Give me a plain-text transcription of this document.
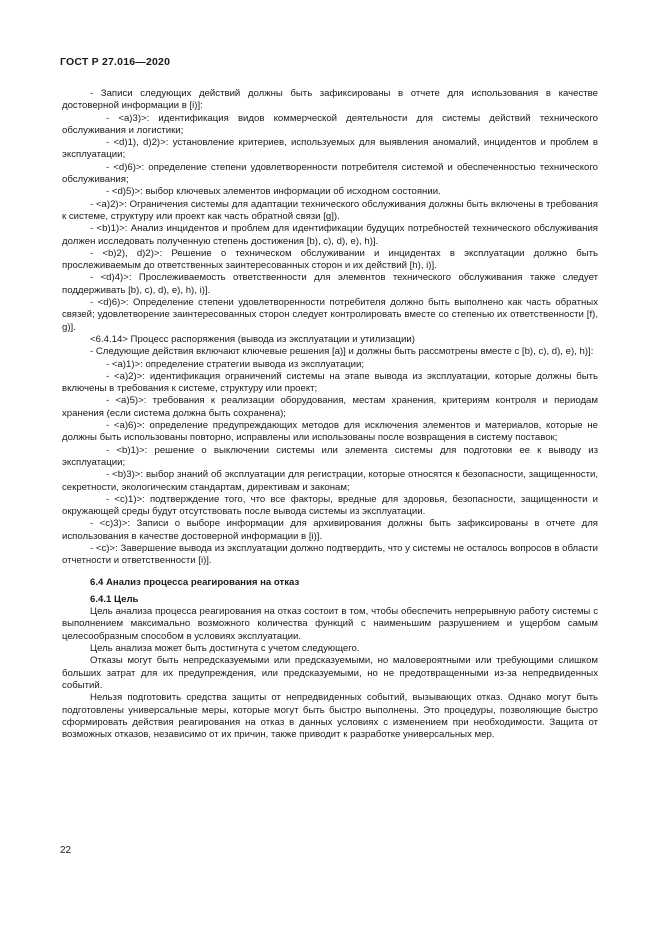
ГОСТ Р 27.016—2020

- Записи следующих действий должны быть зафиксированы в отчете для использования в качестве достоверной информации в [i)]:

- <a)3)>: идентификация видов коммерческой деятельности для системы действий технического обслуживания и логистики;

- <d)1), d)2)>: установление критериев, используемых для выявления аномалий, инцидентов и проблем в эксплуатации;

- <d)6)>: определение степени удовлетворенности потребителя системой и обеспеченностью технического обслуживания;

- <d)5)>: выбор ключевых элементов информации об исходном состоянии.

- <a)2)>: Ограничения системы для адаптации технического обслуживания должны быть включены в требования к системе, структуру или проект как часть обратной связи [g]).

- <b)1)>: Анализ инцидентов и проблем для идентификации будущих потребностей технического обслуживания должен исследовать полученную степень достижения [b), c), d), e), h)].

- <b)2), d)2)>: Решение о техническом обслуживании и инцидентах в эксплуатации должно быть прослеживаемым до ответственных заинтересованных сторон и их действий [h), i)].

- <d)4)>: Прослеживаемость ответственности для элементов технического обслуживания также следует поддерживать [b), c), d), e), h), i)].

- <d)6)>: Определение степени удовлетворенности потребителя должно быть выполнено как часть обратных связей; удовлетворение заинтересованных сторон следует контролировать вместе со степенью их ответственности [f), g)].

<6.4.14> Процесс распоряжения (вывода из эксплуатации и утилизации)

- Следующие действия включают ключевые решения [a)] и должны быть рассмотрены вместе с [b), c), d), e), h)]:

- <a)1)>: определение стратегии вывода из эксплуатации;

- <a)2)>: идентификация ограничений системы на этапе вывода из эксплуатации, которые должны быть включены в требования к системе, структуру или проект;

- <a)5)>: требования к реализации оборудования, местам хранения, критериям контроля и периодам хранения (если система должна быть сохранена);

- <a)6)>: определение предупреждающих методов для исключения элементов и материалов, которые не должны быть использованы повторно, исправлены или использованы после возвращения в систему поставок;

- <b)1)>: решение о выключении системы или элемента системы для подготовки ее к выводу из эксплуатации;

- <b)3)>: выбор знаний об эксплуатации для регистрации, которые относятся к безопасности, защищенности, секретности, экологическим стандартам, директивам и законам;

- <c)1)>: подтверждение того, что все факторы, вредные для здоровья, безопасности, защищенности и окружающей среды будут отсутствовать после вывода системы из эксплуатации.

- <c)3)>: Записи о выборе информации для архивирования должны быть зафиксированы в отчете для использования в качестве достоверной информации в [i)].

- <c)>: Завершение вывода из эксплуатации должно подтвердить, что у системы не осталось вопросов в области отчетности и ответственности [i)].

6.4 Анализ процесса реагирования на отказ
6.4.1 Цель

Цель анализа процесса реагирования на отказ состоит в том, чтобы обеспечить непрерывную работу системы с выполнением максимально возможного количества функций с наименьшим разрушением и ущербом самым целесообразным способом в условиях эксплуатации.

Цель анализа может быть достигнута с учетом следующего.

Отказы могут быть непредсказуемыми или предсказуемыми, но маловероятными или требующими слишком больших затрат для их предупреждения, или предсказуемыми, но не предотвращенными из-за непредвиденных событий.

Нельзя подготовить средства защиты от непредвиденных событий, вызывающих отказ. Однако могут быть подготовлены универсальные меры, которые могут быть быстро выполнены. Это процедуры, позволяющие быстро сформировать действия реагирования на отказ в данных условиях с изменением при необходимости. Защита от возможных отказов, независимо от их причин, также приводит к разработке универсальных мер.

22
